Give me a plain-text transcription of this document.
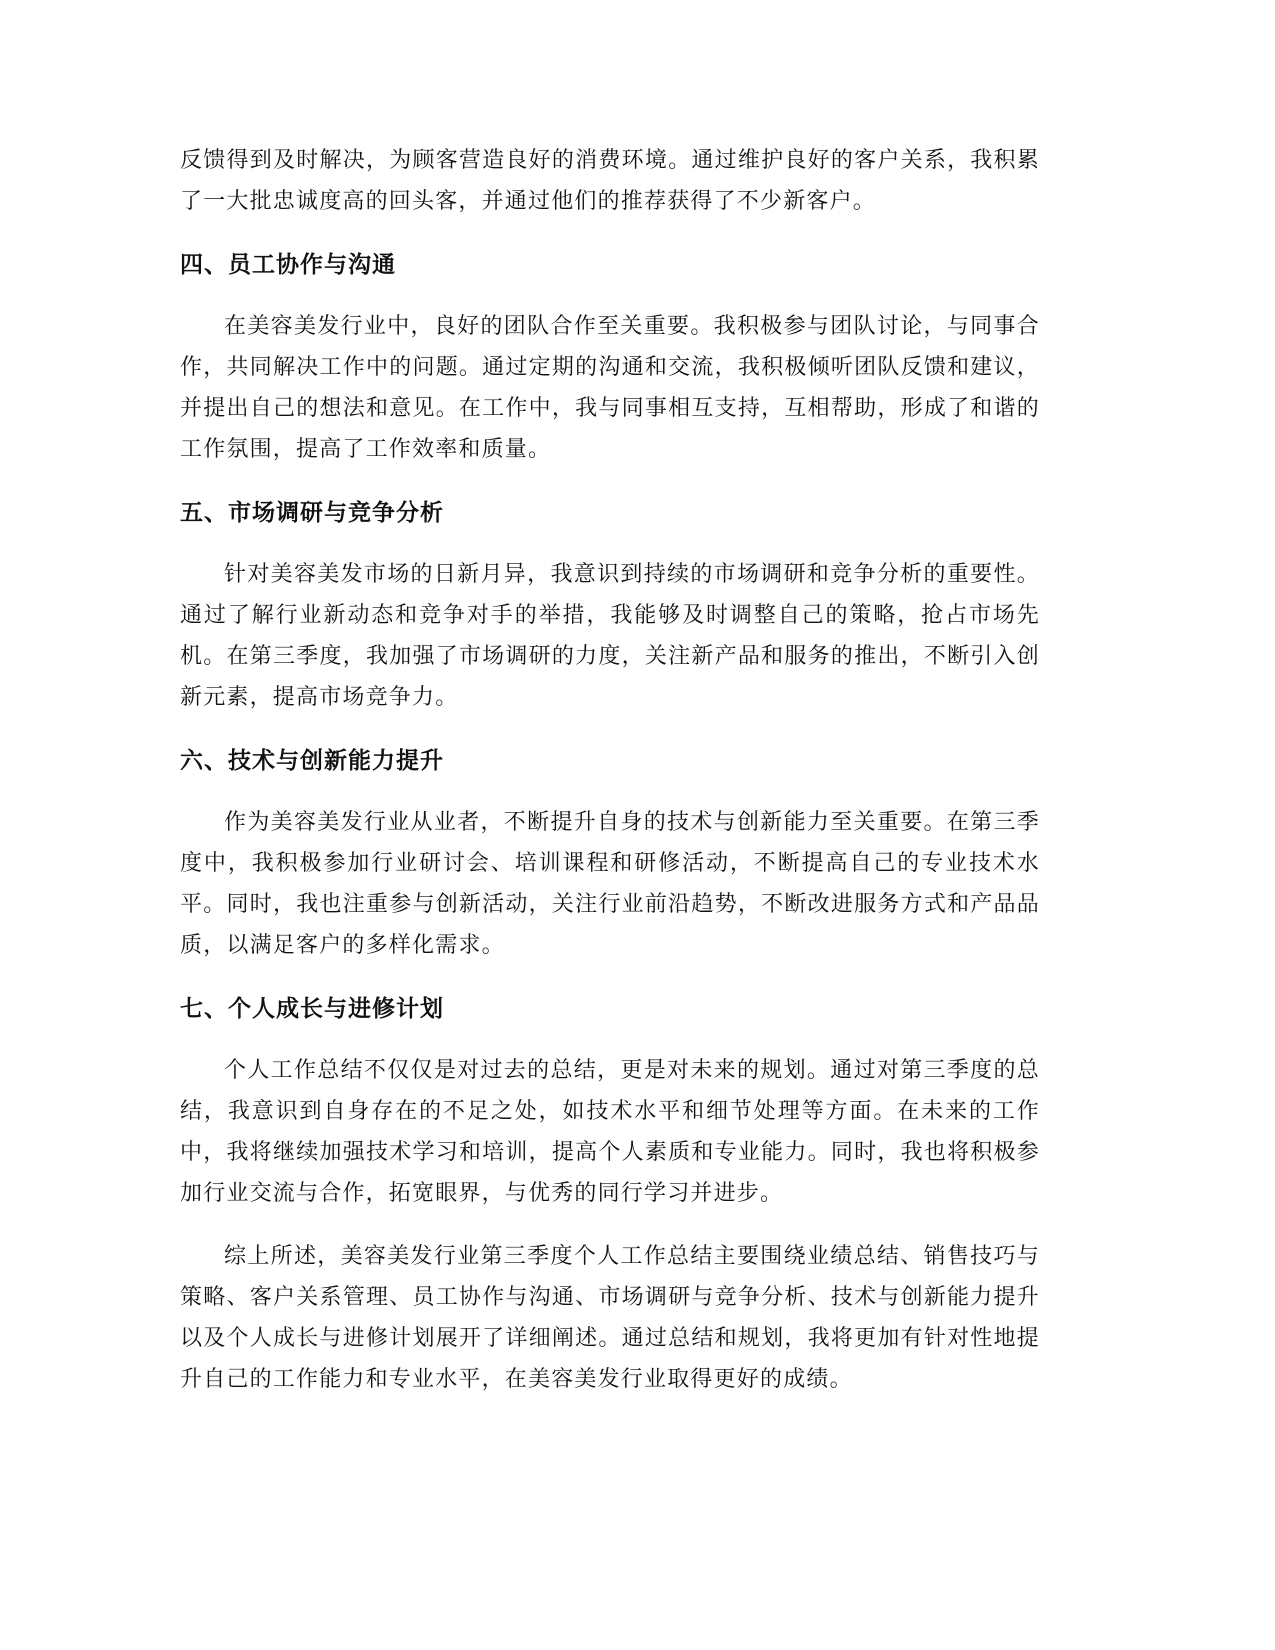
反馈得到及时解决，为顾客营造良好的消费环境。通过维护良好的客户关系，我积累了一大批忠诚度高的回头客，并通过他们的推荐获得了不少新客户。

四、员工协作与沟通

在美容美发行业中，良好的团队合作至关重要。我积极参与团队讨论，与同事合作，共同解决工作中的问题。通过定期的沟通和交流，我积极倾听团队反馈和建议，并提出自己的想法和意见。在工作中，我与同事相互支持，互相帮助，形成了和谐的工作氛围，提高了工作效率和质量。

五、市场调研与竞争分析

针对美容美发市场的日新月异，我意识到持续的市场调研和竞争分析的重要性。通过了解行业新动态和竞争对手的举措，我能够及时调整自己的策略，抢占市场先机。在第三季度，我加强了市场调研的力度，关注新产品和服务的推出，不断引入创新元素，提高市场竞争力。

六、技术与创新能力提升

作为美容美发行业从业者，不断提升自身的技术与创新能力至关重要。在第三季度中，我积极参加行业研讨会、培训课程和研修活动，不断提高自己的专业技术水平。同时，我也注重参与创新活动，关注行业前沿趋势，不断改进服务方式和产品品质，以满足客户的多样化需求。

七、个人成长与进修计划

个人工作总结不仅仅是对过去的总结，更是对未来的规划。通过对第三季度的总结，我意识到自身存在的不足之处，如技术水平和细节处理等方面。在未来的工作中，我将继续加强技术学习和培训，提高个人素质和专业能力。同时，我也将积极参加行业交流与合作，拓宽眼界，与优秀的同行学习并进步。

综上所述，美容美发行业第三季度个人工作总结主要围绕业绩总结、销售技巧与策略、客户关系管理、员工协作与沟通、市场调研与竞争分析、技术与创新能力提升以及个人成长与进修计划展开了详细阐述。通过总结和规划，我将更加有针对性地提升自己的工作能力和专业水平，在美容美发行业取得更好的成绩。
